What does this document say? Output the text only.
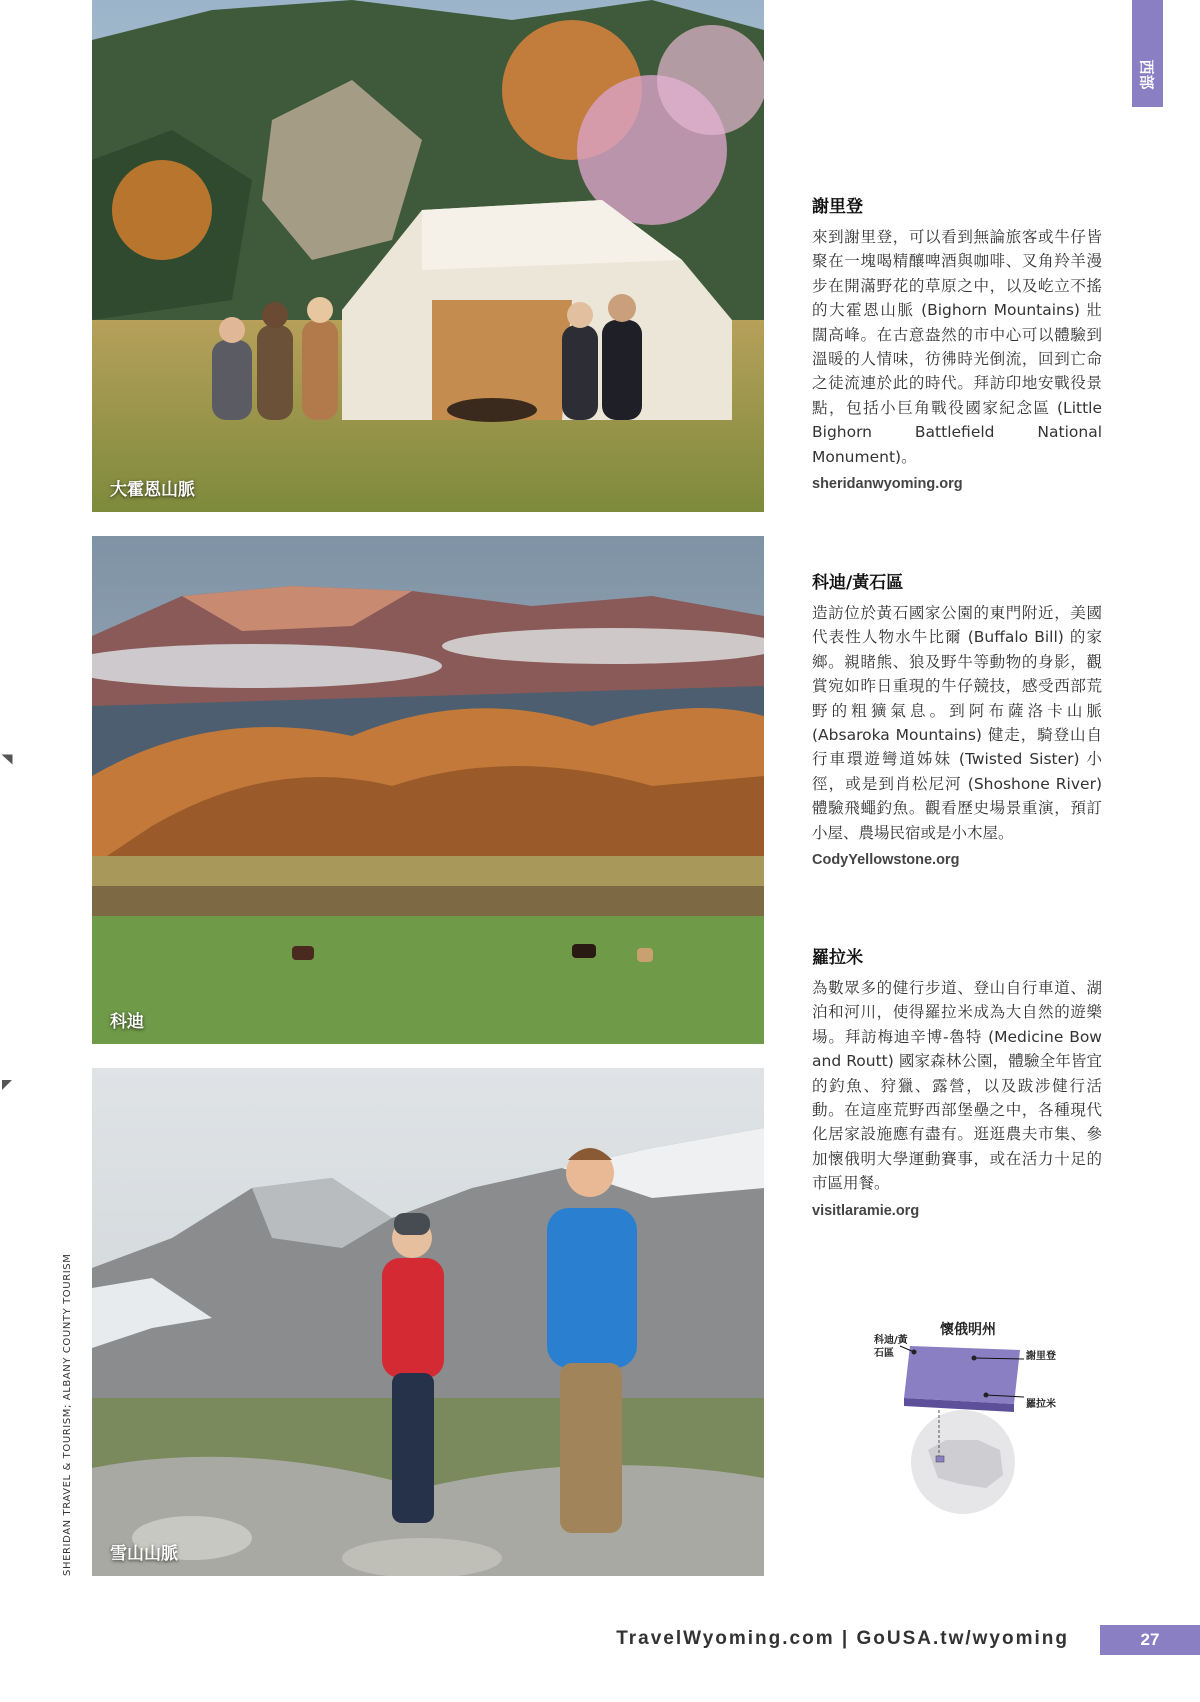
西部
SHERIDAN TRAVEL & TOURISM; ALBANY COUNTY TOURISM
大霍恩山脈
科迪
雪山山脈
謝里登

來到謝里登，可以看到無論旅客或牛仔皆聚在一塊喝精釀啤酒與咖啡、叉角羚羊漫步在開滿野花的草原之中，以及屹立不搖的大霍恩山脈 (Bighorn Mountains) 壯闊高峰。在古意盎然的市中心可以體驗到溫暖的人情味，彷彿時光倒流，回到亡命之徒流連於此的時代。拜訪印地安戰役景點，包括小巨角戰役國家紀念區 (Little Bighorn Battlefield National Monument)。

sheridanwyoming.org
科迪/黃石區

造訪位於黃石國家公園的東門附近，美國代表性人物水牛比爾 (Buffalo Bill) 的家鄉。親睹熊、狼及野牛等動物的身影，觀賞宛如昨日重現的牛仔競技，感受西部荒野的粗獷氣息。到阿布薩洛卡山脈 (Absaroka Mountains) 健走，騎登山自行車環遊彎道姊妹 (Twisted Sister) 小徑，或是到肖松尼河 (Shoshone River) 體驗飛蠅釣魚。觀看歷史場景重演，預訂小屋、農場民宿或是小木屋。

CodyYellowstone.org
羅拉米

為數眾多的健行步道、登山自行車道、湖泊和河川，使得羅拉米成為大自然的遊樂場。拜訪梅迪辛博-魯特 (Medicine Bow and Routt) 國家森林公園，體驗全年皆宜的釣魚、狩獵、露營，以及跋涉健行活動。在這座荒野西部堡壘之中，各種現代化居家設施應有盡有。逛逛農夫市集、參加懷俄明大學運動賽事，或在活力十足的市區用餐。

visitlaramie.org
懷俄明州
科迪/黃石區	謝里登
羅拉米
TravelWyoming.com | GoUSA.tw/wyoming	27
